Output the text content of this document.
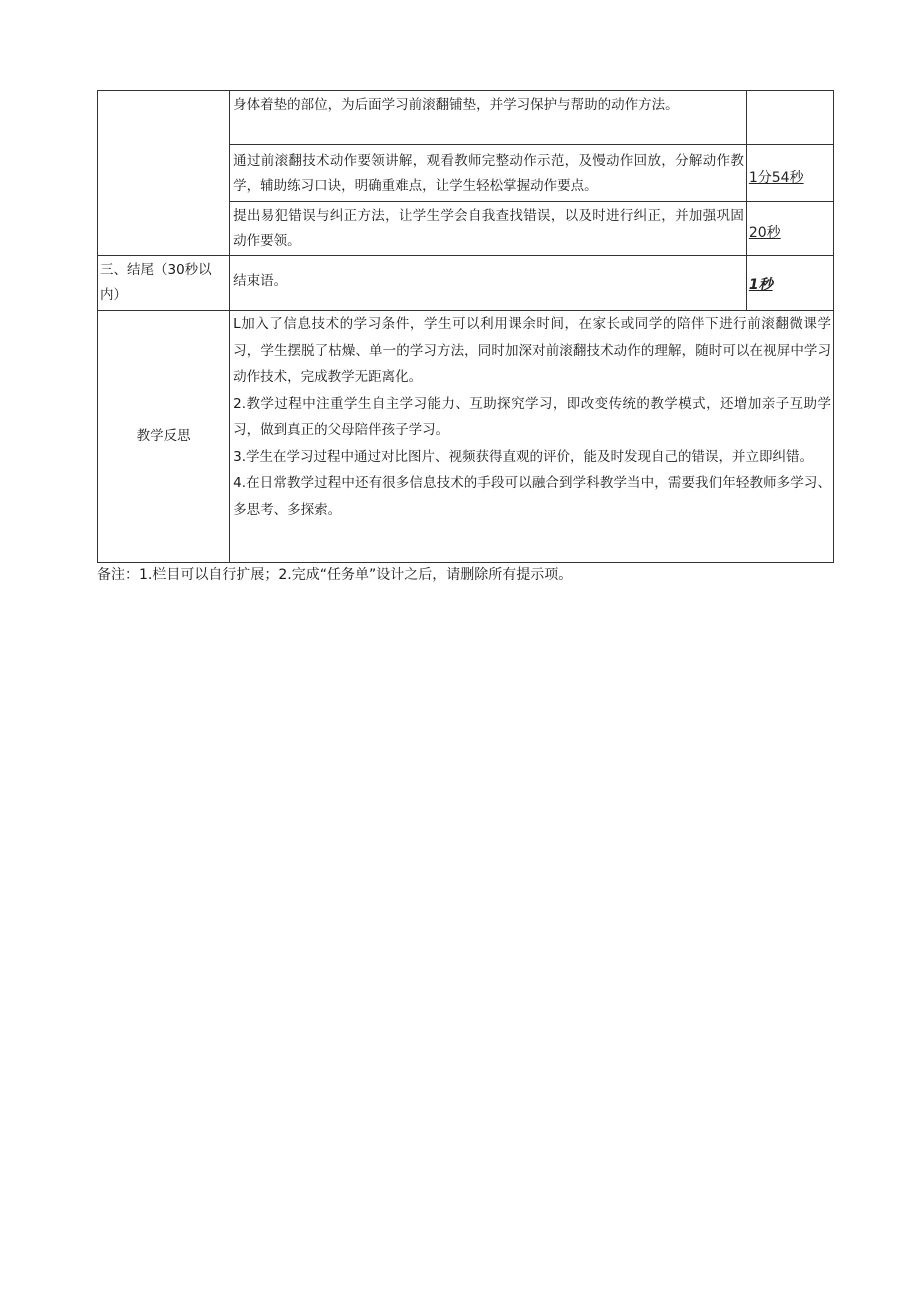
	身体着垫的部位，为后面学习前滚翻铺垫，并学习保护与帮助的动作方法。	

	通过前滚翻技术动作要领讲解，观看教师完整动作示范，及慢动作回放，分解动作教学，辅助练习口诀，明确重难点，让学生轻松掌握动作要点。	1分54秒

	提出易犯错误与纠正方法，让学生学会自我查找错误，以及时进行纠正，并加强巩固动作要领。	20秒

三、结尾（30秒以内）	结束语。	1秒
教学反思	L加入了信息技术的学习条件，学生可以利用课余时间，在家长或同学的陪伴下进行前滚翻微课学习，学生摆脱了枯燥、单一的学习方法，同时加深对前滚翻技术动作的理解，随时可以在视屏中学习动作技术，完成教学无距离化。

2.教学过程中注重学生自主学习能力、互助探究学习，即改变传统的教学模式，还增加亲子互助学习，做到真正的父母陪伴孩子学习。

3.学生在学习过程中通过对比图片、视频获得直观的评价，能及时发现自己的错误，并立即纠错。

4.在日常教学过程中还有很多信息技术的手段可以融合到学科教学当中，需要我们年轻教师多学习、多思考、多探索。	

备注：1.栏目可以自行扩展；2.完成“任务单”设计之后，请删除所有提示项。
